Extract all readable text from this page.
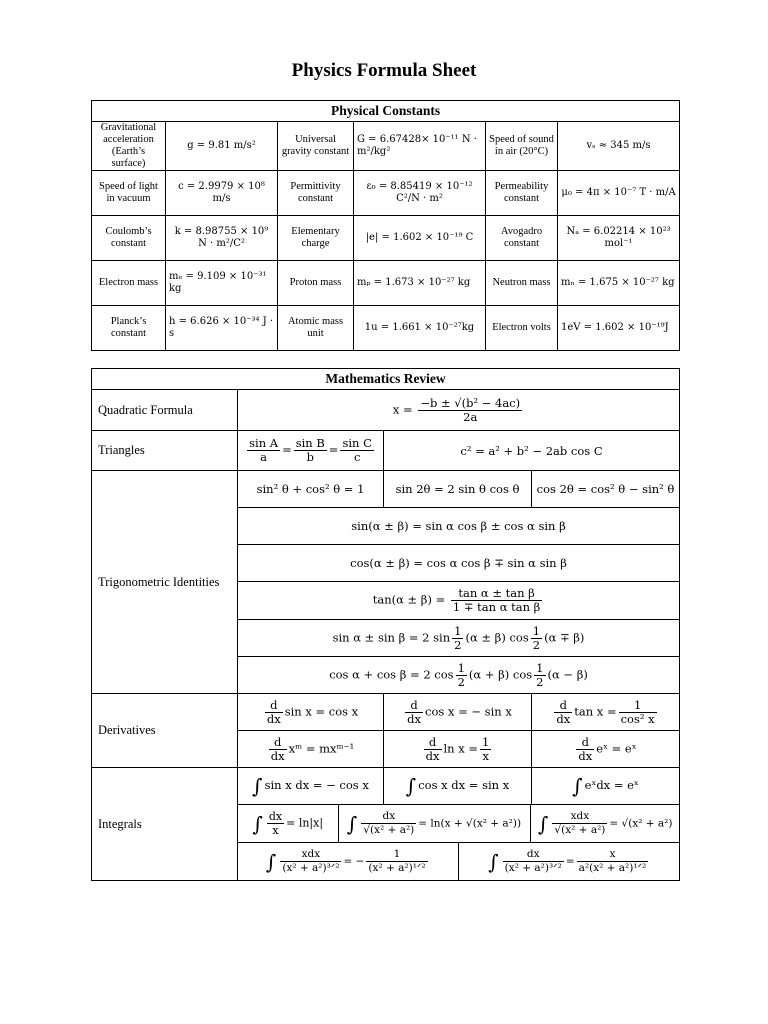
Physics Formula Sheet
Physical Constants					
Gravitational acceleration (Earth’s surface)	g = 9.81 m/s²	Universal gravity constant	G = 6.67428× 10⁻¹¹ N · m²/kg²	Speed of sound in air (20°C)	vₛ ≈ 345 m/s
Speed of light in vacuum	c = 2.9979 × 10⁸ m/s	Permittivity constant	ε₀ = 8.85419 × 10⁻¹² C²/N · m²	Permeability constant	μ₀ = 4π × 10⁻⁷ T · m/A
Coulomb’s constant	k = 8.98755 × 10⁹ N · m²/C²	Elementary charge	|e| = 1.602 × 10⁻¹⁹ C	Avogadro constant	Nₐ = 6.02214 × 10²³ mol⁻¹
Electron mass	mₑ = 9.109 × 10⁻³¹ kg	Proton mass	mₚ = 1.673 × 10⁻²⁷ kg	Neutron mass	mₙ = 1.675 × 10⁻²⁷ kg
Planck’s constant	h = 6.626 × 10⁻³⁴ J · s	Atomic mass unit	1u = 1.661 × 10⁻²⁷kg	Electron volts	1eV = 1.602 × 10⁻¹⁹J
Mathematics Review
Quadratic Formula	$x = \frac{\text{−b ± √(b² − 4ac)}}{2a}$

Triangles	$\frac{\text{sin A}}{a} = \frac{\text{sin B}}{b} = \frac{\text{sin C}}{c}$	c² = a² + b² − 2ab cos C
Trigonometric Identities	sin² θ + cos² θ = 1	sin 2θ = 2 sin θ cos θ	cos 2θ = cos² θ − sin² θ
sin(α ± β) = sin α cos β ± cos α sin β
cos(α ± β) = cos α cos β ∓ sin α sin β
$\tan(\alpha \pm \beta) = \frac{\text{tan α ± tan β}}{\text{1 ∓ tan α tan β}}$

sin α ± sin β = 2 $\sin \frac{1}{2} (\alpha \pm \beta)$ $\cos \frac{1}{2} (\alpha \mp \beta)$
cos α + cos β = 2 $\cos \frac{1}{2} (\alpha + \beta)$ $\cos \frac{1}{2} (\alpha - \beta)$
Derivatives	
$\frac{d}{dx}$ sin x = cos x	$\frac{d}{dx}$ cos x = − sin x	$\frac{d}{dx}$ $\tan x = \frac{1}{\text{cos² x}}$

$\frac{d}{dx}$ xᵐ = mxᵐ⁻¹	$\frac{d}{dx}$ $\ln x = \frac{1}{x}$	$\frac{d}{dx}$ eˣ = eˣ
Integrals	∫ sin x dx = − cos x	∫ cos x dx = sin x	∫ eˣdx = eˣ

∫ $\frac{dx}{x} = \ln|x|$	∫ $\frac{dx}{\text{√(x² + a²)}} = \ln(x + √(x^2 + a^2))$	∫ $\frac{\text{xdx}}{\text{√(x² + a²)}} = √(x^2 + a^2)$

∫ $\frac{\text{xdx}}{\text{(x² + a²)³ᐟ²}}$ = − $\frac{1}{\text{(x² + a²)¹ᐟ²}}$	∫ $\frac{dx}{\text{(x² + a²)³ᐟ²}} = \frac{x}{\text{a²(x² + a²)¹ᐟ²}}$
